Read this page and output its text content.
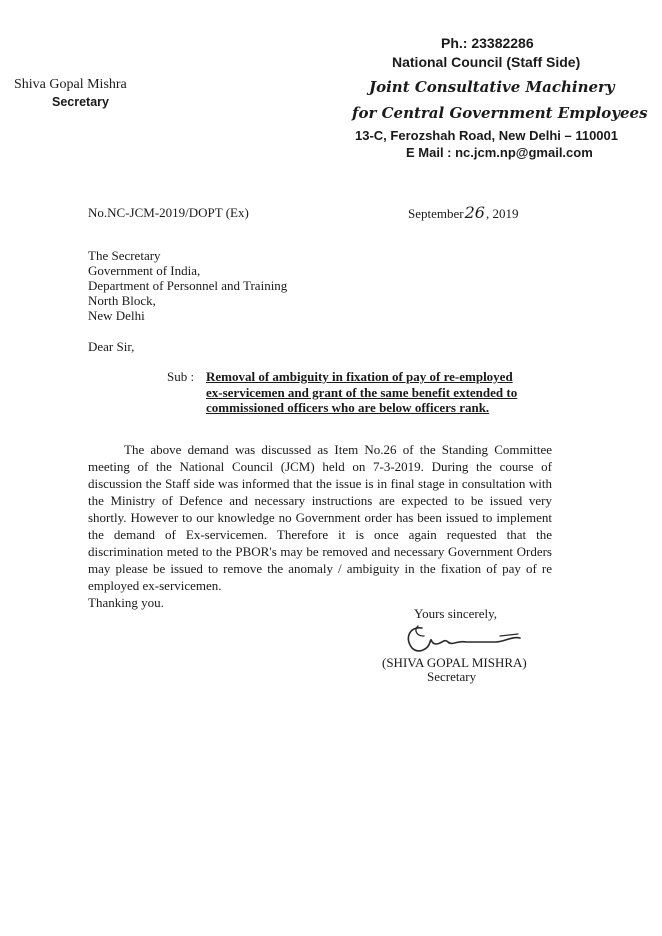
Shiva Gopal Mishra
Secretary
Ph.: 23382286
National Council (Staff Side)
Joint Consultative Machinery
for Central Government Employees
13-C, Ferozshah Road, New Delhi – 110001
E Mail : nc.jcm.np@gmail.com
No.NC-JCM-2019/DOPT (Ex)	September26, 2019
The Secretary
Government of India,
Department of Personnel and Training
North Block,
New Delhi
Dear Sir,
Sub : Removal of ambiguity in fixation of pay of re-employed
ex-servicemen and grant of the same benefit extended to
commissioned officers who are below officers rank.
The above demand was discussed as Item No.26 of the Standing Committee meeting of the National Council (JCM) held on 7-3-2019. During the course of discussion the Staff side was informed that the issue is in final stage in consultation with the Ministry of Defence and necessary instructions are expected to be issued very shortly. However to our knowledge no Government order has been issued to implement the demand of Ex-servicemen. Therefore it is once again requested that the discrimination meted to the PBOR's may be removed and necessary Government Orders may please be issued to remove the anomaly / ambiguity in the fixation of pay of re employed ex-servicemen.
Thanking you.
Yours sincerely,
(SHIVA GOPAL MISHRA)
Secretary
